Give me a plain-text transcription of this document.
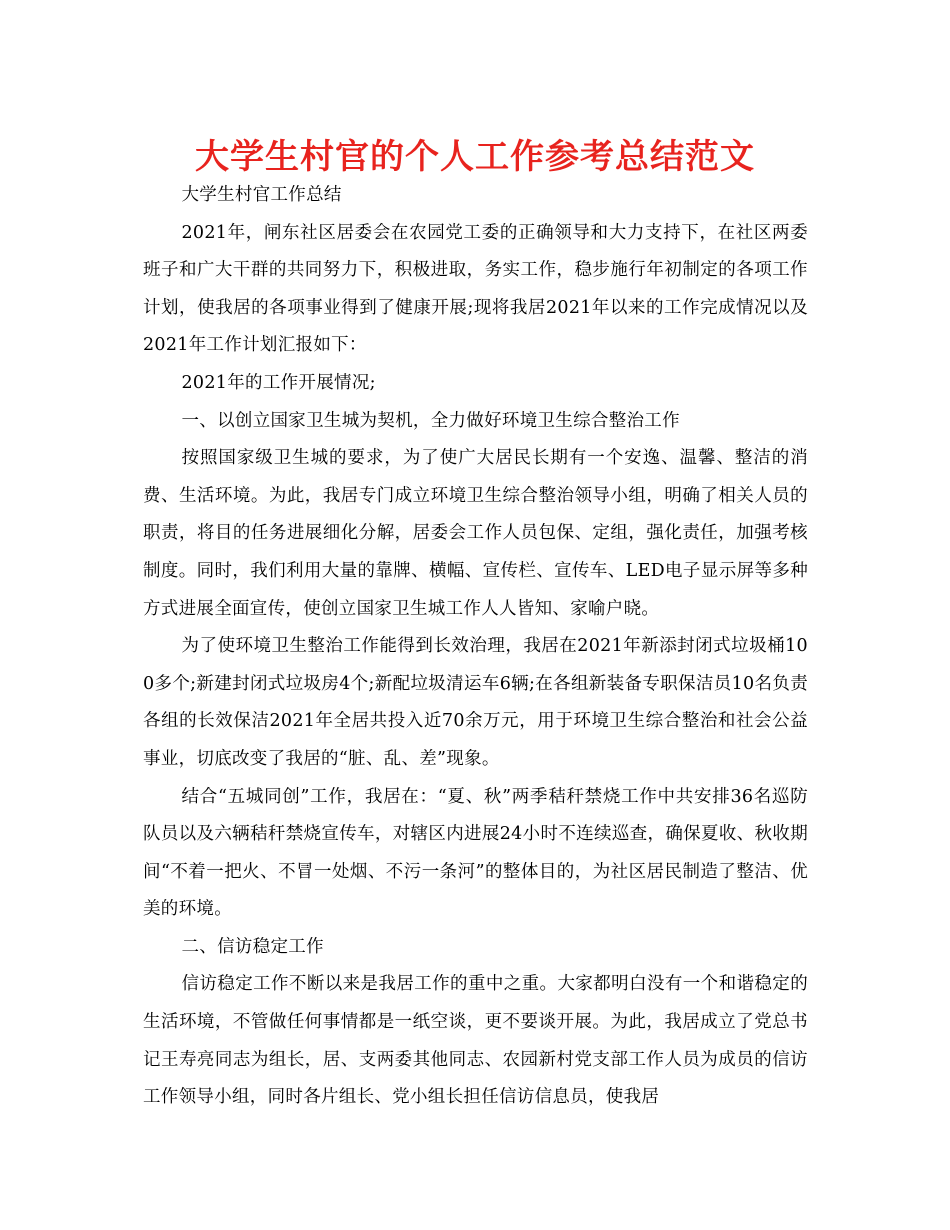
大学生村官的个人工作参考总结范文

大学生村官工作总结

2021年，闸东社区居委会在农园党工委的正确领导和大力支持下，在社区两委班子和广大干群的共同努力下，积极进取，务实工作，稳步施行年初制定的各项工作计划，使我居的各项事业得到了健康开展;现将我居2021年以来的工作完成情况以及2021年工作计划汇报如下：

2021年的工作开展情况;

一、以创立国家卫生城为契机，全力做好环境卫生综合整治工作

按照国家级卫生城的要求，为了使广大居民长期有一个安逸、温馨、整洁的消费、生活环境。为此，我居专门成立环境卫生综合整治领导小组，明确了相关人员的职责，将目的任务进展细化分解，居委会工作人员包保、定组，强化责任，加强考核制度。同时，我们利用大量的靠牌、横幅、宣传栏、宣传车、LED电子显示屏等多种方式进展全面宣传，使创立国家卫生城工作人人皆知、家喻户晓。

为了使环境卫生整治工作能得到长效治理，我居在2021年新添封闭式垃圾桶100多个;新建封闭式垃圾房4个;新配垃圾清运车6辆;在各组新装备专职保洁员10名负责各组的长效保洁2021年全居共投入近70余万元，用于环境卫生综合整治和社会公益事业，切底改变了我居的“脏、乱、差”现象。

结合“五城同创”工作，我居在：“夏、秋”两季秸秆禁烧工作中共安排36名巡防队员以及六辆秸秆禁烧宣传车，对辖区内进展24小时不连续巡查，确保夏收、秋收期间“不着一把火、不冒一处烟、不污一条河”的整体目的，为社区居民制造了整洁、优美的环境。

二、信访稳定工作

信访稳定工作不断以来是我居工作的重中之重。大家都明白没有一个和谐稳定的生活环境，不管做任何事情都是一纸空谈，更不要谈开展。为此，我居成立了党总书记王寿亮同志为组长，居、支两委其他同志、农园新村党支部工作人员为成员的信访工作领导小组，同时各片组长、党小组长担任信访信息员，使我居
